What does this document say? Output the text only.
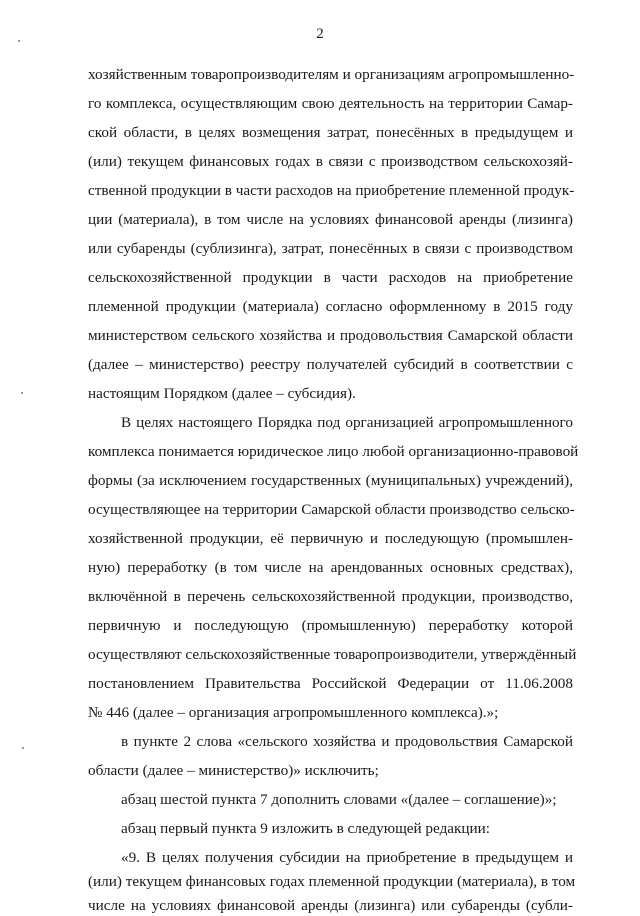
2
хозяйственным товаропроизводителям и организациям агропромышленно-
го комплекса, осуществляющим свою деятельность на территории Самар-
ской области, в целях возмещения затрат, понесённых в предыдущем и
(или) текущем финансовых годах в связи с производством сельскохозяй-
ственной продукции в части расходов на приобретение племенной продук-
ции (материала), в том числе на условиях финансовой аренды (лизинга)
или субаренды (сублизинга), затрат, понесённых в связи с производством
сельскохозяйственной продукции в части расходов на приобретение
племенной продукции (материала) согласно оформленному в 2015 году
министерством сельского хозяйства и продовольствия Самарской области
(далее – министерство) реестру получателей субсидий в соответствии с
настоящим Порядком (далее – субсидия).
В целях настоящего Порядка под организацией агропромышленного
комплекса понимается юридическое лицо любой организационно-правовой
формы (за исключением государственных (муниципальных) учреждений),
осуществляющее на территории Самарской области производство сельско-
хозяйственной продукции, её первичную и последующую (промышлен-
ную) переработку (в том числе на арендованных основных средствах),
включённой в перечень сельскохозяйственной продукции, производство,
первичную и последующую (промышленную) переработку которой
осуществляют сельскохозяйственные товаропроизводители, утверждённый
постановлением Правительства Российской Федерации от 11.06.2008
№ 446 (далее – организация агропромышленного комплекса).»;
в пункте 2 слова «сельского хозяйства и продовольствия Самарской
области (далее – министерство)» исключить;
абзац шестой пункта 7 дополнить словами «(далее – соглашение)»;
абзац первый пункта 9 изложить в следующей редакции:
«9. В целях получения субсидии на приобретение в предыдущем и
(или) текущем финансовых годах племенной продукции (материала), в том
числе на условиях финансовой аренды (лизинга) или субаренды (субли-
